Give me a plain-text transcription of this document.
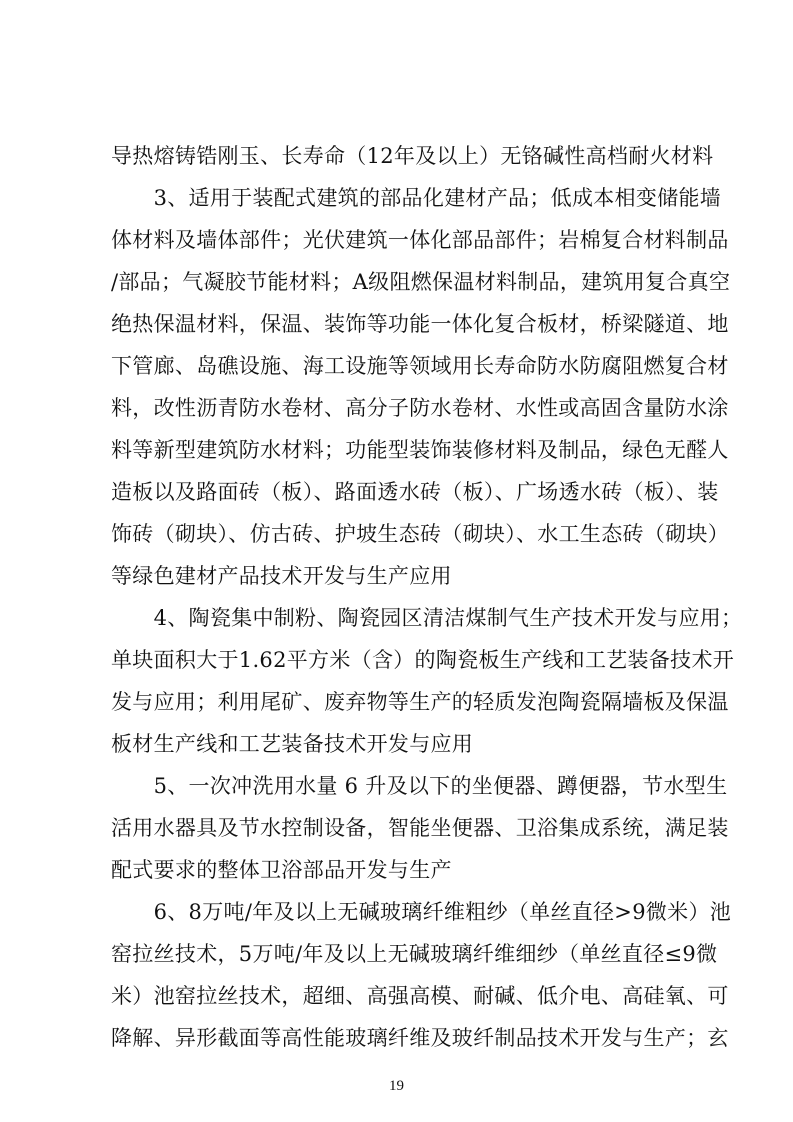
导热熔铸锆刚玉、长寿命（12年及以上）无铬碱性高档耐火材料
　　3、适用于装配式建筑的部品化建材产品；低成本相变储能墙
体材料及墙体部件；光伏建筑一体化部品部件；岩棉复合材料制品
/部品；气凝胶节能材料；A级阻燃保温材料制品，建筑用复合真空
绝热保温材料，保温、装饰等功能一体化复合板材，桥梁隧道、地
下管廊、岛礁设施、海工设施等领域用长寿命防水防腐阻燃复合材
料，改性沥青防水卷材、高分子防水卷材、水性或高固含量防水涂
料等新型建筑防水材料；功能型装饰装修材料及制品，绿色无醛人
造板以及路面砖（板）、路面透水砖（板）、广场透水砖（板）、装
饰砖（砌块）、仿古砖、护坡生态砖（砌块）、水工生态砖（砌块）
等绿色建材产品技术开发与生产应用
　　4、陶瓷集中制粉、陶瓷园区清洁煤制气生产技术开发与应用；
单块面积大于1.62平方米（含）的陶瓷板生产线和工艺装备技术开
发与应用；利用尾矿、废弃物等生产的轻质发泡陶瓷隔墙板及保温
板材生产线和工艺装备技术开发与应用
　　5、一次冲洗用水量 6 升及以下的坐便器、蹲便器，节水型生
活用水器具及节水控制设备，智能坐便器、卫浴集成系统，满足装
配式要求的整体卫浴部品开发与生产
　　6、8万吨/年及以上无碱玻璃纤维粗纱（单丝直径>9微米）池
窑拉丝技术，5万吨/年及以上无碱玻璃纤维细纱（单丝直径≤9微
米）池窑拉丝技术，超细、高强高模、耐碱、低介电、高硅氧、可
降解、异形截面等高性能玻璃纤维及玻纤制品技术开发与生产；玄
19
